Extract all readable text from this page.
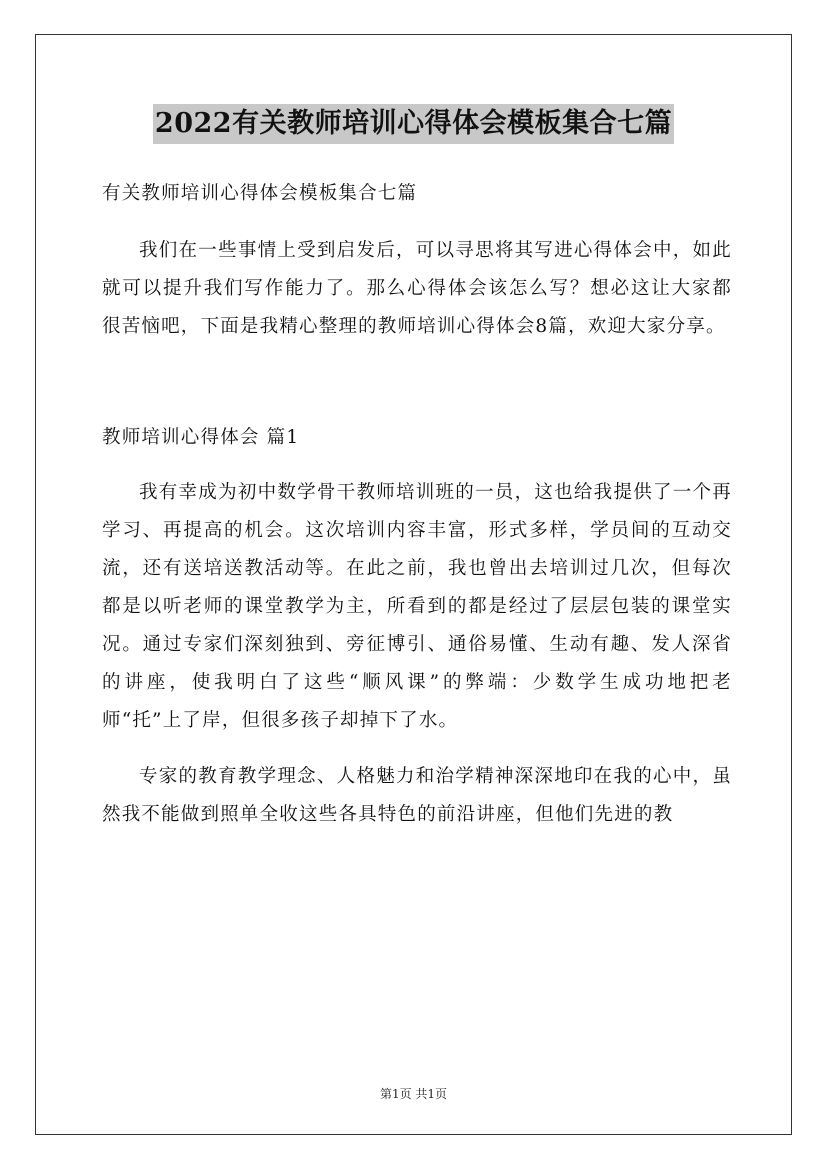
2022有关教师培训心得体会模板集合七篇

有关教师培训心得体会模板集合七篇

我们在一些事情上受到启发后，可以寻思将其写进心得体会中，如此就可以提升我们写作能力了。那么心得体会该怎么写？想必这让大家都很苦恼吧，下面是我精心整理的教师培训心得体会8篇，欢迎大家分享。

教师培训心得体会 篇1

我有幸成为初中数学骨干教师培训班的一员，这也给我提供了一个再学习、再提高的机会。这次培训内容丰富，形式多样，学员间的互动交流，还有送培送教活动等。在此之前，我也曾出去培训过几次，但每次都是以听老师的课堂教学为主，所看到的都是经过了层层包装的课堂实况。通过专家们深刻独到、旁征博引、通俗易懂、生动有趣、发人深省的讲座，使我明白了这些“顺风课”的弊端：少数学生成功地把老师“托”上了岸，但很多孩子却掉下了水。

专家的教育教学理念、人格魅力和治学精神深深地印在我的心中，虽然我不能做到照单全收这些各具特色的前沿讲座，但他们先进的教

第1页 共1页
